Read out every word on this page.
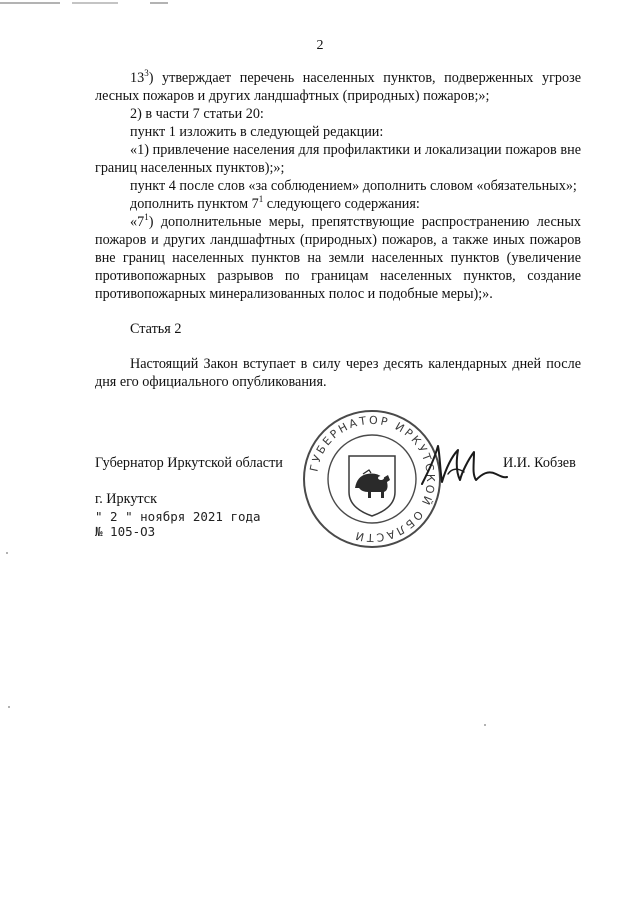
2

$13^3$) утверждает перечень населенных пунктов, подверженных угрозе лесных пожаров и других ландшафтных (природных) пожаров;»;

2) в части 7 статьи 20:

пункт 1 изложить в следующей редакции:

«1) привлечение населения для профилактики и локализации пожаров вне границ населенных пунктов);»;

пункт 4 после слов «за соблюдением» дополнить словом «обязательных»;

дополнить пунктом $7^1$ следующего содержания:

«$7^1$) дополнительные меры, препятствующие распространению лесных пожаров и других ландшафтных (природных) пожаров, а также иных пожаров вне границ населенных пунктов на земли населенных пунктов (увеличение противопожарных разрывов по границам населенных пунктов, создание противопожарных минерализованных полос и подобные меры);».

Статья 2

Настоящий Закон вступает в силу через десять календарных дней после дня его официального опубликования.

ГУБЕРНАТОР ИРКУТСКОЙ ОБЛАСТИ
Губернатор Иркутской области	И.И. Кобзев
г. Иркутск
" 2 " ноября 2021 года
№ 105-ОЗ
